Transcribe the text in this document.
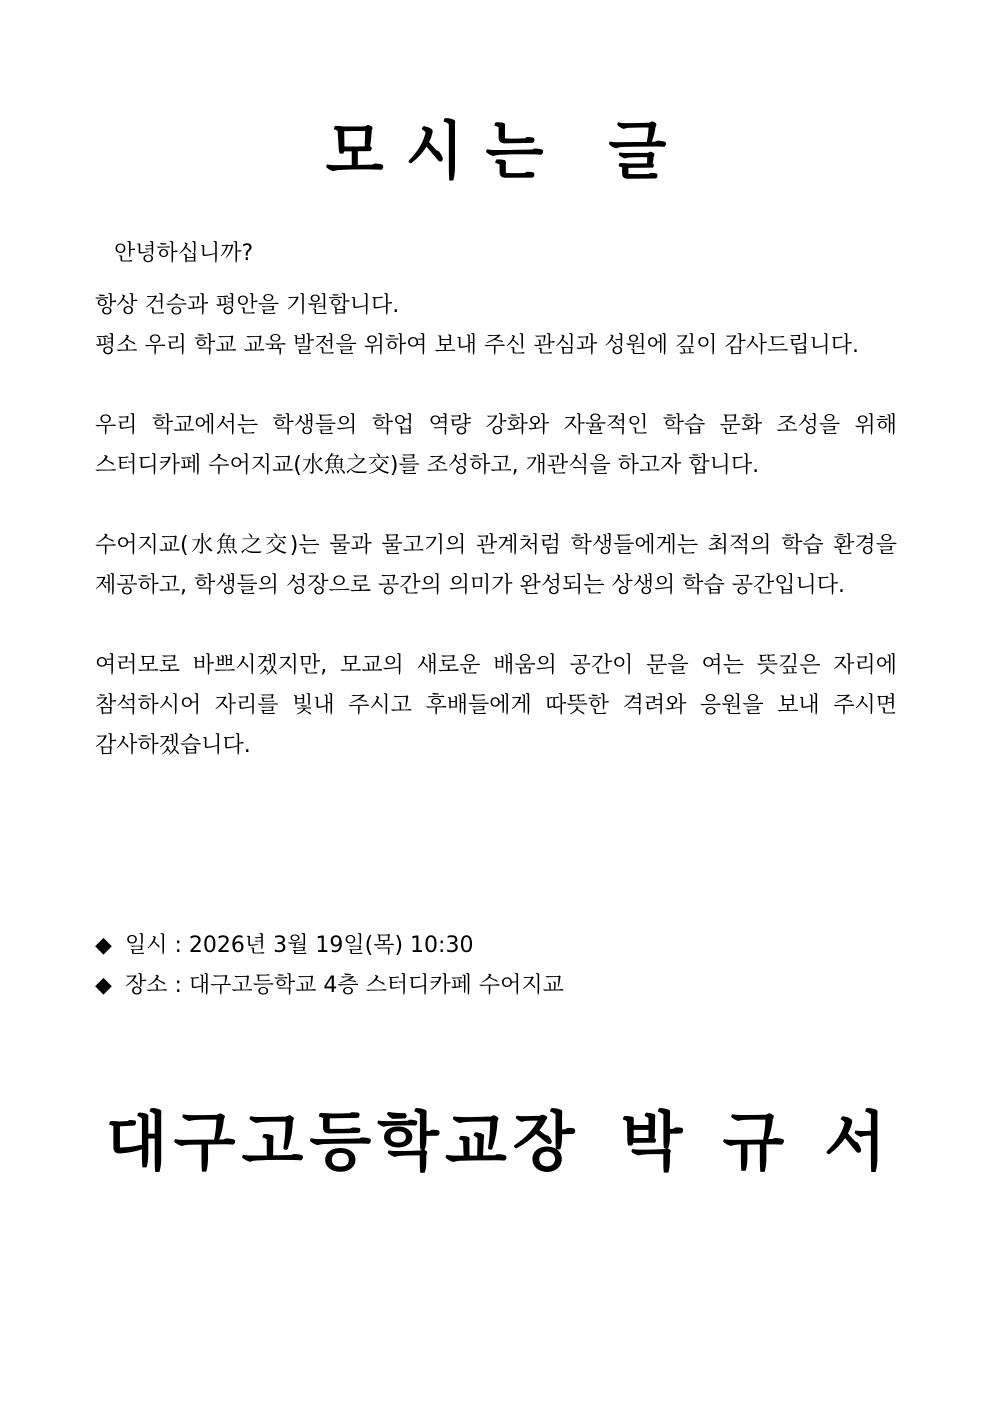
모시는 글
안녕하십니까?

항상 건승과 평안을 기원합니다.

평소 우리 학교 교육 발전을 위하여 보내 주신 관심과 성원에 깊이 감사드립니다.

우리 학교에서는 학생들의 학업 역량 강화와 자율적인 학습 문화 조성을 위해 스터디카페 수어지교(水魚之交)를 조성하고, 개관식을 하고자 합니다.

수어지교(水魚之交)는 물과 물고기의 관계처럼 학생들에게는 최적의 학습 환경을 제공하고, 학생들의 성장으로 공간의 의미가 완성되는 상생의 학습 공간입니다.

여러모로 바쁘시겠지만, 모교의 새로운 배움의 공간이 문을 여는 뜻깊은 자리에 참석하시어 자리를 빛내 주시고 후배들에게 따뜻한 격려와 응원을 보내 주시면 감사하겠습니다.

◆ 일시 : 2026년 3월 19일(목) 10:30
◆ 장소 : 대구고등학교 4층 스터디카페 수어지교
대구고등학교장 박 규 서
